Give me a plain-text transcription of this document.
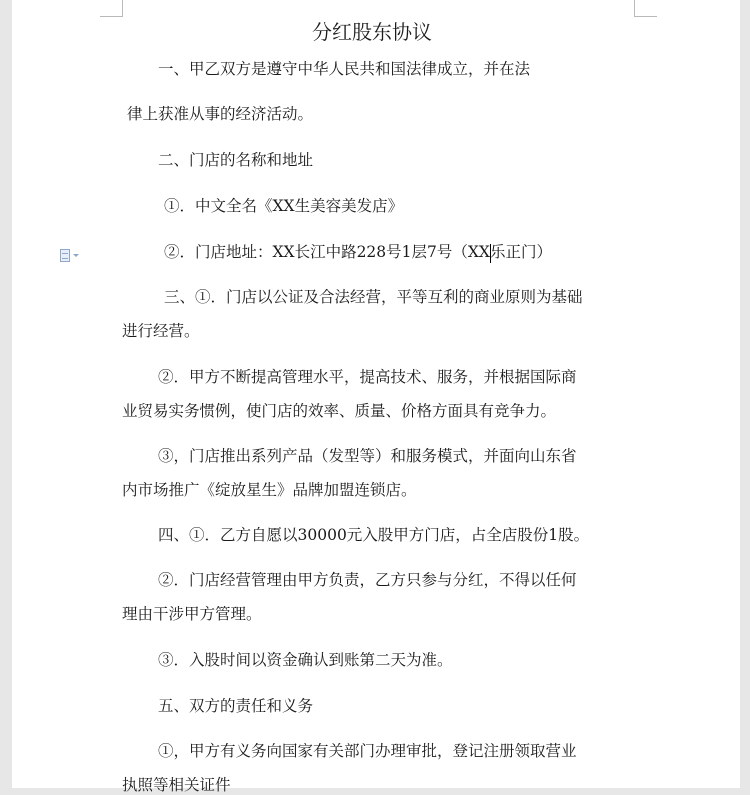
分红股东协议
一、甲乙双方是遵守中华人民共和国法律成立，并在法
律上获准从事的经济活动。
二、门店的名称和地址
①．中文全名《XX生美容美发店》
②．门店地址：XX长江中路228号1层7号（XX乐正门）
三、①．门店以公证及合法经营，平等互利的商业原则为基础
进行经营。
②．甲方不断提高管理水平，提高技术、服务，并根据国际商
业贸易实务惯例，使门店的效率、质量、价格方面具有竞争力。
③，门店推出系列产品（发型等）和服务模式，并面向山东省
内市场推广《绽放星生》品牌加盟连锁店。
四、①．乙方自愿以30000元入股甲方门店，占全店股份1股。
②．门店经营管理由甲方负责，乙方只参与分红，不得以任何
理由干涉甲方管理。
③．入股时间以资金确认到账第二天为准。
五、双方的责任和义务
①，甲方有义务向国家有关部门办理审批，登记注册领取营业
执照等相关证件
